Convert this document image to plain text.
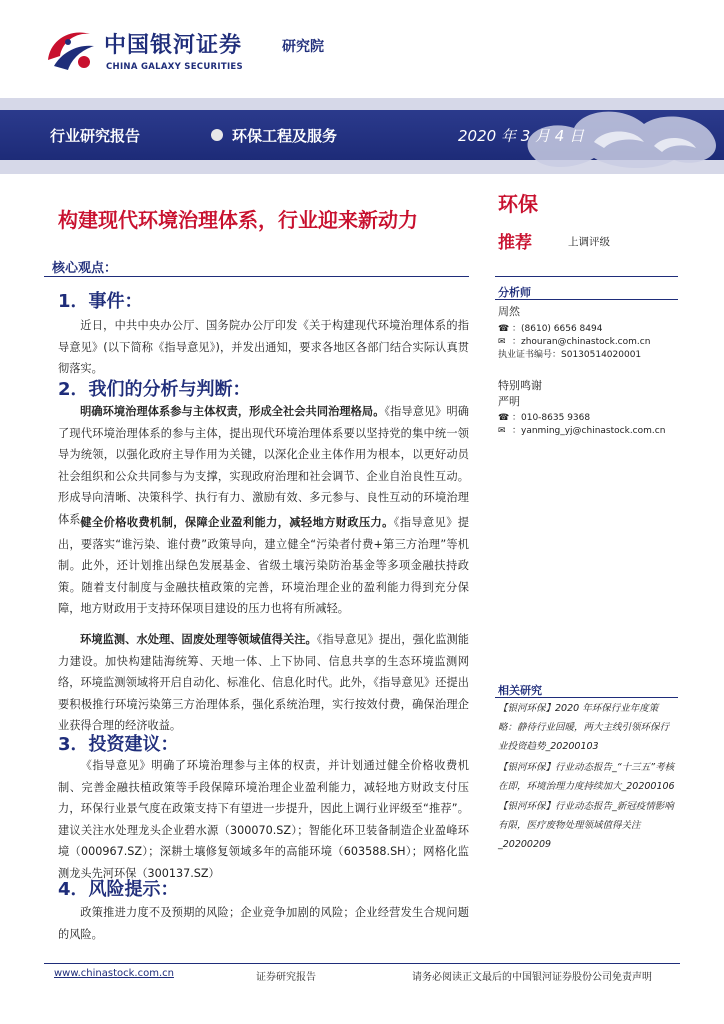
中国银河证券	研究院
CHINA GALAXY SECURITIES
行业研究报告	环保工程及服务	2020 年 3 月 4 日
构建现代环境治理体系，行业迎来新动力
环保
推荐	上调评级
核心观点：
1．事件：
近日，中共中央办公厅、国务院办公厅印发《关于构建现代环境治理体系的指导意见》(以下简称《指导意见》)，并发出通知，要求各地区各部门结合实际认真贯彻落实。
2．我们的分析与判断：
明确环境治理体系参与主体权责，形成全社会共同治理格局。《指导意见》明确了现代环境治理体系的参与主体，提出现代环境治理体系要以坚持党的集中统一领导为统领，以强化政府主导作用为关键，以深化企业主体作用为根本，以更好动员社会组织和公众共同参与为支撑，实现政府治理和社会调节、企业自治良性互动。形成导向清晰、决策科学、执行有力、激励有效、多元参与、良性互动的环境治理体系。
健全价格收费机制，保障企业盈利能力，减轻地方财政压力。《指导意见》提出，要落实“谁污染、谁付费”政策导向，建立健全“污染者付费+第三方治理”等机制。此外，还计划推出绿色发展基金、省级土壤污染防治基金等多项金融扶持政策。随着支付制度与金融扶植政策的完善，环境治理企业的盈利能力得到充分保障，地方财政用于支持环保项目建设的压力也将有所减轻。
环境监测、水处理、固废处理等领域值得关注。《指导意见》提出，强化监测能力建设。加快构建陆海统筹、天地一体、上下协同、信息共享的生态环境监测网络，环境监测领域将开启自动化、标准化、信息化时代。此外，《指导意见》还提出要积极推行环境污染第三方治理体系，强化系统治理，实行按效付费，确保治理企业获得合理的经济收益。
3．投资建议：
《指导意见》明确了环境治理参与主体的权责，并计划通过健全价格收费机制、完善金融扶植政策等手段保障环境治理企业盈利能力，减轻地方财政支付压力，环保行业景气度在政策支持下有望进一步提升，因此上调行业评级至“推荐”。建议关注水处理龙头企业碧水源（300070.SZ）；智能化环卫装备制造企业盈峰环境（000967.SZ）；深耕土壤修复领域多年的高能环境（603588.SH）；网格化监测龙头先河环保（300137.SZ）
4．风险提示：
政策推进力度不及预期的风险；企业竞争加剧的风险；企业经营发生合规问题的风险。
分析师
周然
☎ ：(8610) 6656 8494
✉ ：zhouran@chinastock.com.cn
执业证书编号：S0130514020001
特别鸣谢
严明
☎ ：010-8635 9368
✉ ：yanming_yj@chinastock.com.cn
相关研究
【银河环保】2020 年环保行业年度策略：静待行业回暖，两大主线引领环保行业投资趋势_20200103
【银河环保】行业动态报告_“十三五”考核在即，环境治理力度持续加大_20200106
【银河环保】行业动态报告_新冠疫情影响有限，医疗废物处理领域值得关注_20200209
www.chinastock.com.cn	证券研究报告	请务必阅读正文最后的中国银河证券股份公司免责声明
